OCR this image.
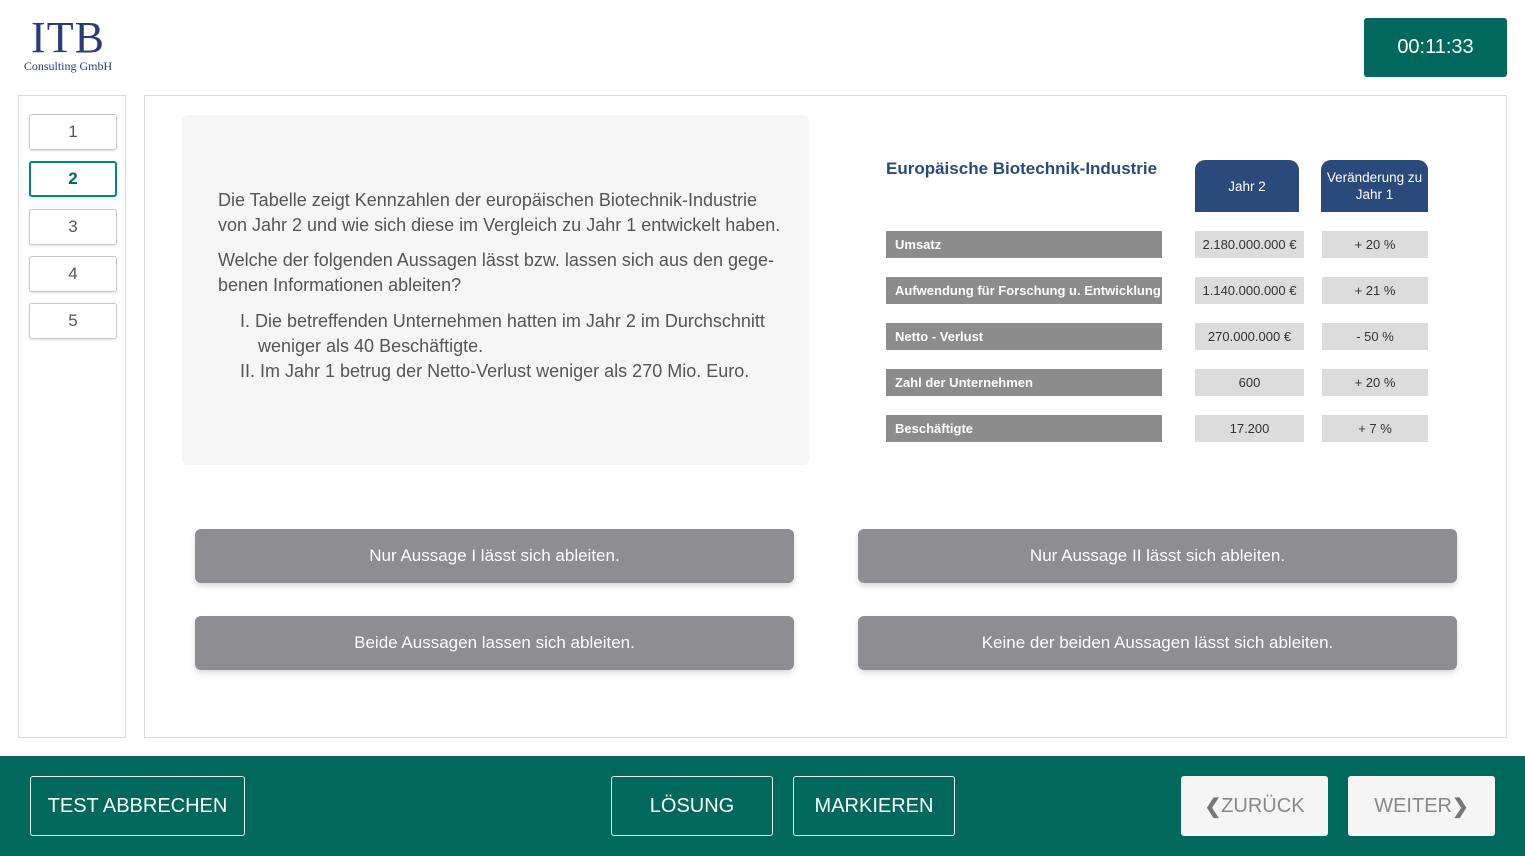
ITB
Consulting GmbH
00:11:33
1
2
3
4
5
Die Tabelle zeigt Kennzahlen der europäischen Biotechnik-Industrie von Jahr 2 und wie sich diese im Vergleich zu Jahr 1 entwickelt haben.
Welche der folgenden Aussagen lässt bzw. lassen sich aus den gege-benen Informationen ableiten?
I. Die betreffenden Unternehmen hatten im Jahr 2 im Durchschnitt weniger als 40 Beschäftigte.
II. Im Jahr 1 betrug der Netto-Verlust weniger als 270 Mio. Euro.
Europäische Biotechnik-Industrie
Jahr 2
Veränderung zu Jahr 1
Umsatz	2.180.000.000 €	+ 20 %
Aufwendung für Forschung u. Entwicklung	1.140.000.000 €	+ 21 %
Netto - Verlust	270.000.000 €	- 50 %
Zahl der Unternehmen	600	+ 20 %
Beschäftigte	17.200	+ 7 %
Nur Aussage I lässt sich ableiten.	Nur Aussage II lässt sich ableiten.
Beide Aussagen lassen sich ableiten.	Keine der beiden Aussagen lässt sich ableiten.
TEST ABBRECHEN	LÖSUNG	MARKIEREN	❮ ZURÜCK	WEITER ❯
